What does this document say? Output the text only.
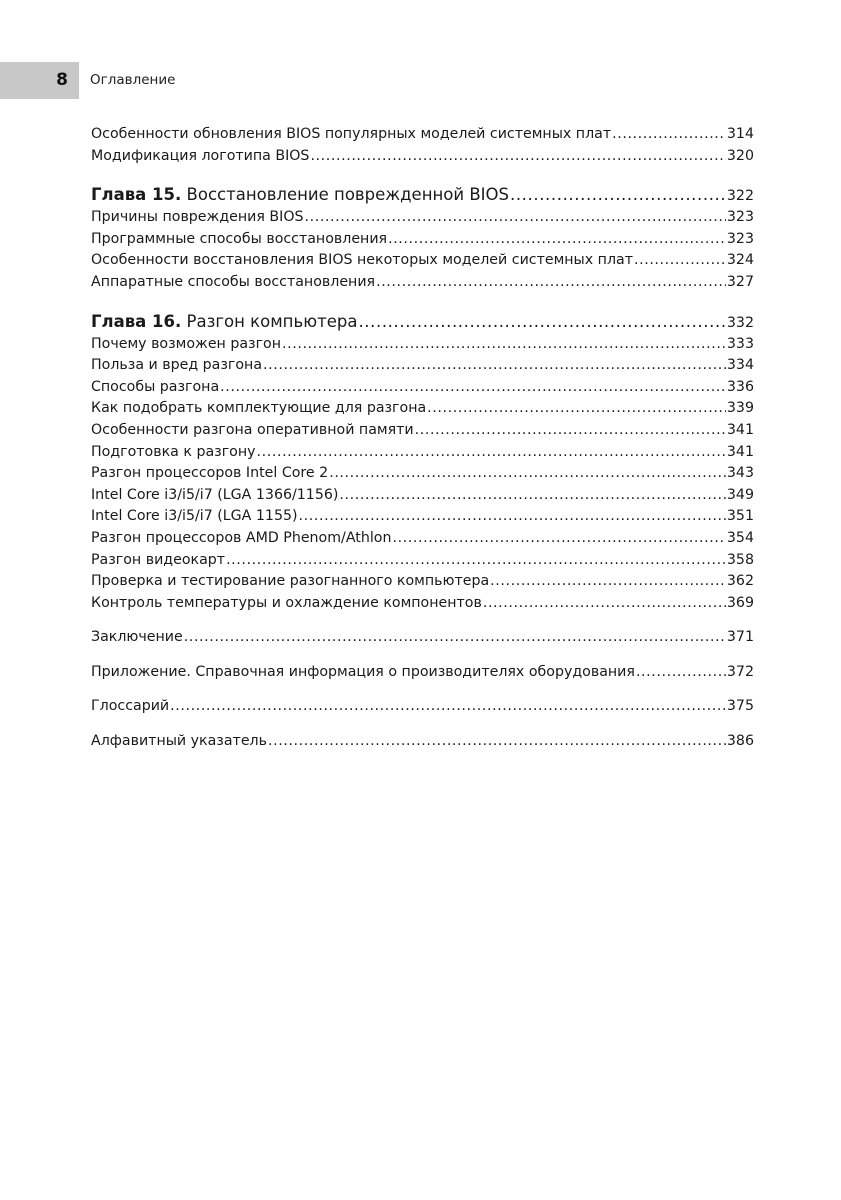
8 Оглавление
Особенности обновления BIOS популярных моделей системных плат .....	314
Модификация логотипа BIOS .....	320
Глава 15. Восстановление поврежденной BIOS .....	322
Причины повреждения BIOS .....	323
Программные способы восстановления .....	323
Особенности восстановления BIOS некоторых моделей системных плат .....	324
Аппаратные способы восстановления .....	327
Глава 16. Разгон компьютера .....	332
Почему возможен разгон .....	333
Польза и вред разгона .....	334
Способы разгона .....	336
Как подобрать комплектующие для разгона .....	339
Особенности разгона оперативной памяти .....	341
Подготовка к разгону .....	341
Разгон процессоров Intel Core 2 .....	343
Intel Core i3/i5/i7 (LGA 1366/1156) .....	349
Intel Core i3/i5/i7 (LGA 1155) .....	351
Разгон процессоров AMD Phenom/Athlon .....	354
Разгон видеокарт .....	358
Проверка и тестирование разогнанного компьютера .....	362
Контроль температуры и охлаждение компонентов .....	369
Заключение .....	371
Приложение. Справочная информация о производителях оборудования .....	372
Глоссарий .....	375
Алфавитный указатель .....	386
